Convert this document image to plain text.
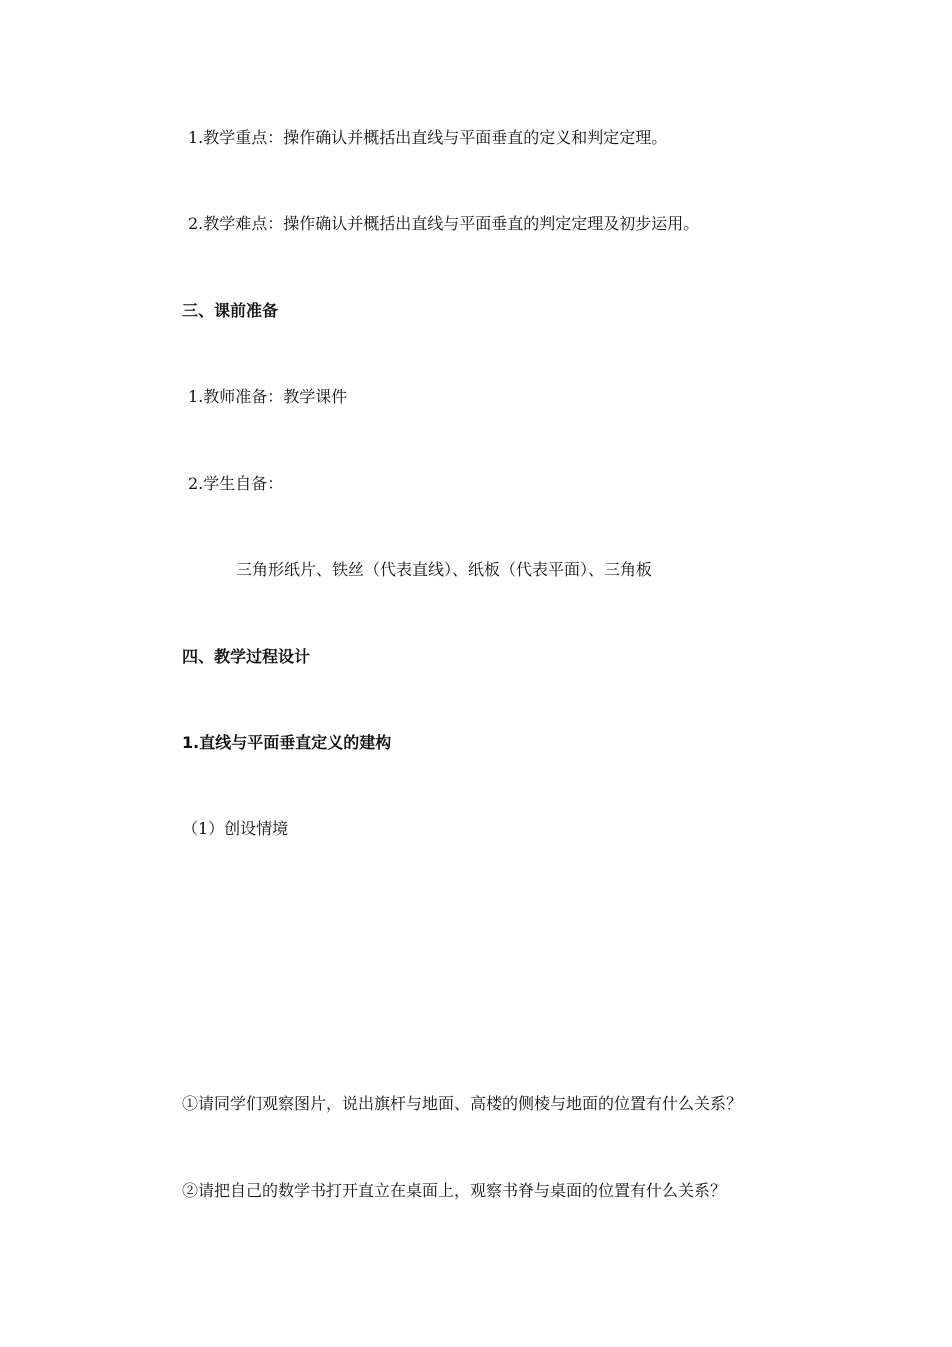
1.教学重点：操作确认并概括出直线与平面垂直的定义和判定定理。
2.教学难点：操作确认并概括出直线与平面垂直的判定定理及初步运用。
三、课前准备
1.教师准备：教学课件
2.学生自备：
三角形纸片、铁丝（代表直线）、纸板（代表平面）、三角板
四、教学过程设计
1.直线与平面垂直定义的建构
（1）创设情境
①请同学们观察图片，说出旗杆与地面、高楼的侧棱与地面的位置有什么关系？
②请把自己的数学书打开直立在桌面上，观察书脊与桌面的位置有什么关系？
